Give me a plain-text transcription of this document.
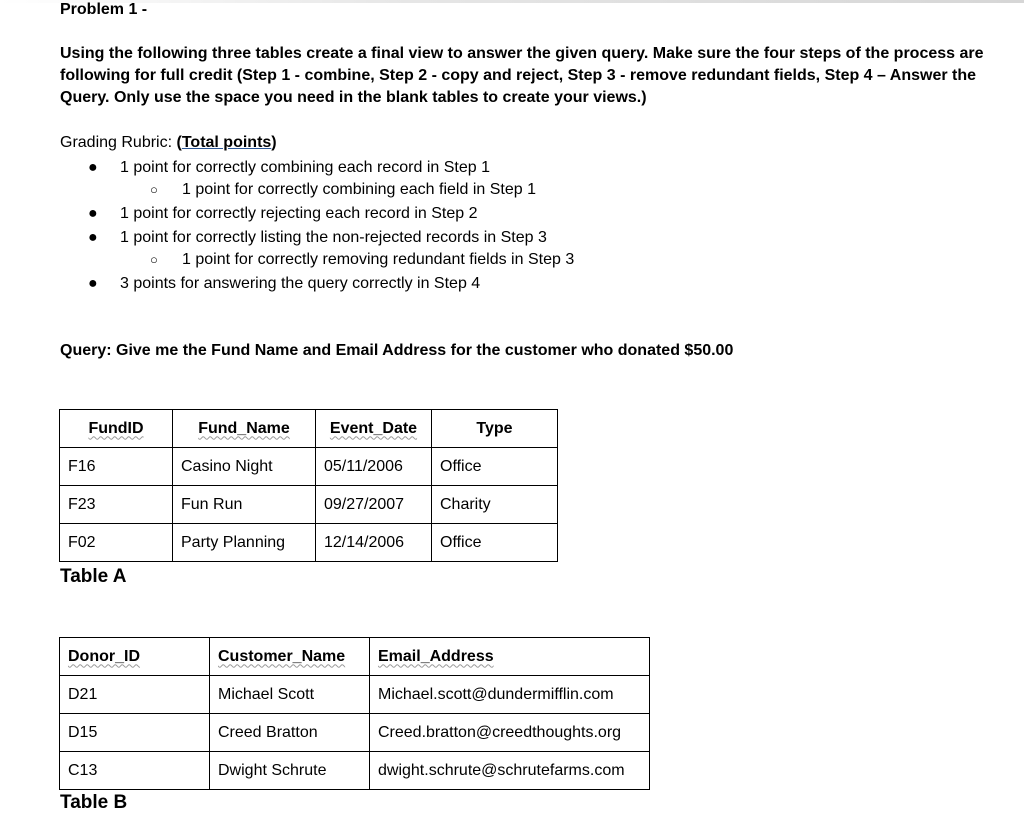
Problem 1 -
Using the following three tables create a final view to answer the given query. Make sure the four steps of the process are following for full credit (Step 1 - combine, Step 2 - copy and reject, Step 3 - remove redundant fields, Step 4 – Answer the Query. Only use the space you need in the blank tables to create your views.)
Grading Rubric: (Total points)
● 1 point for correctly combining each record in Step 1
○ 1 point for correctly combining each field in Step 1
● 1 point for correctly rejecting each record in Step 2
● 1 point for correctly listing the non-rejected records in Step 3
○ 1 point for correctly removing redundant fields in Step 3
● 3 points for answering the query correctly in Step 4
Query: Give me the Fund Name and Email Address for the customer who donated $50.00
FundID	Fund_Name	Event_Date	Type
F16	Casino Night	05/11/2006	Office
F23	Fun Run	09/27/2007	Charity
F02	Party Planning	12/14/2006	Office
Table A
Donor_ID	Customer_Name	Email_Address
D21	Michael Scott	Michael.scott@dundermifflin.com
D15	Creed Bratton	Creed.bratton@creedthoughts.org
C13	Dwight Schrute	dwight.schrute@schrutefarms.com
Table B
